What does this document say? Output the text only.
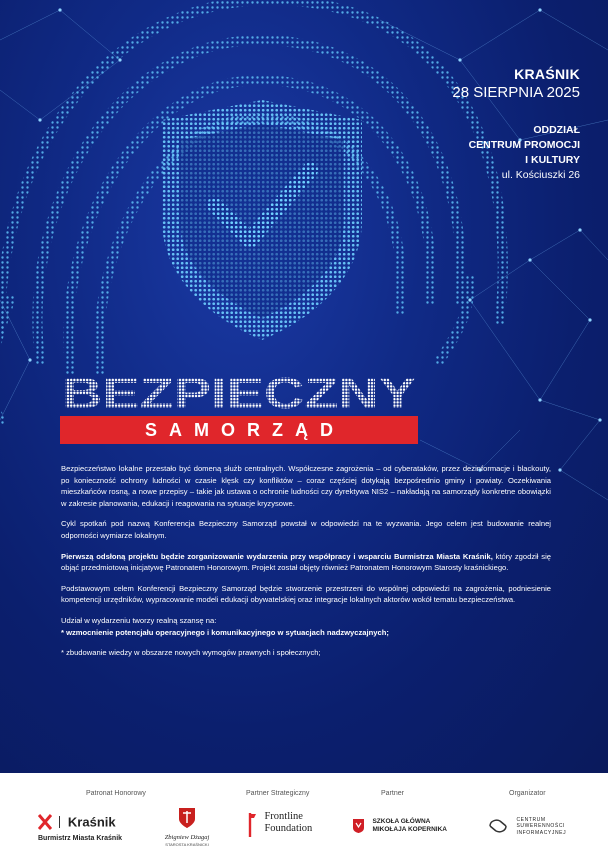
KRAŚNIK
28 SIERPNIA 2025
ODDZIAŁ
CENTRUM PROMOCJI
I KULTURY
ul. Kościuszki 26
BEZPIECZNY
SAMORZĄD

Bezpieczeństwo lokalne przestało być domeną służb centralnych. Współczesne zagrożenia – od cyberataków, przez dezinformacje i blackouty, po konieczność ochrony ludności w czasie klęsk czy konfliktów – coraz częściej dotykają bezpośrednio gminy i powiaty. Oczekiwania mieszkańców rosną, a nowe przepisy – takie jak ustawa o ochronie ludności czy dyrektywa NIS2 – nakładają na samorządy konkretne obowiązki w zakresie planowania, edukacji i reagowania na sytuacje kryzysowe.

Cykl spotkań pod nazwą Konferencja Bezpieczny Samorząd powstał w odpowiedzi na te wyzwania. Jego celem jest budowanie realnej odporności wymiarze lokalnym.

Pierwszą odsłoną projektu będzie zorganizowanie wydarzenia przy współpracy i wsparciu Burmistrza Miasta Kraśnik, który zgodził się objąć przedmiotową inicjatywę Patronatem Honorowym. Projekt został objęty również Patronatem Honorowym Starosty kraśnickiego.

Podstawowym celem Konferencji Bezpieczny Samorząd będzie stworzenie przestrzeni do wspólnej odpowiedzi na zagrożenia, podniesienie kompetencji urzędników, wypracowanie modeli edukacji obywatelskiej oraz integracje lokalnych aktorów wokół tematu bezpieczeństwa.

Udział w wydarzeniu tworzy realną szansę na:
* wzmocnienie potencjału operacyjnego i komunikacyjnego w sytuacjach nadzwyczajnych;

* zbudowanie wiedzy w obszarze nowych wymogów prawnych i społecznych;

Patronat Honorowy	Partner Strategiczny	Partner	Organizator
Kraśnik
Burmistrz Miasta Kraśnik	Zbigniew Dżagaj
STAROSTA KRAŚNICKI

Frontline
Foundation

SZKOŁA GŁÓWNA
MIKOŁAJA KOPERNIKA

CENTRUM
SUWERENNOŚCI
INFORMACYJNEJ
